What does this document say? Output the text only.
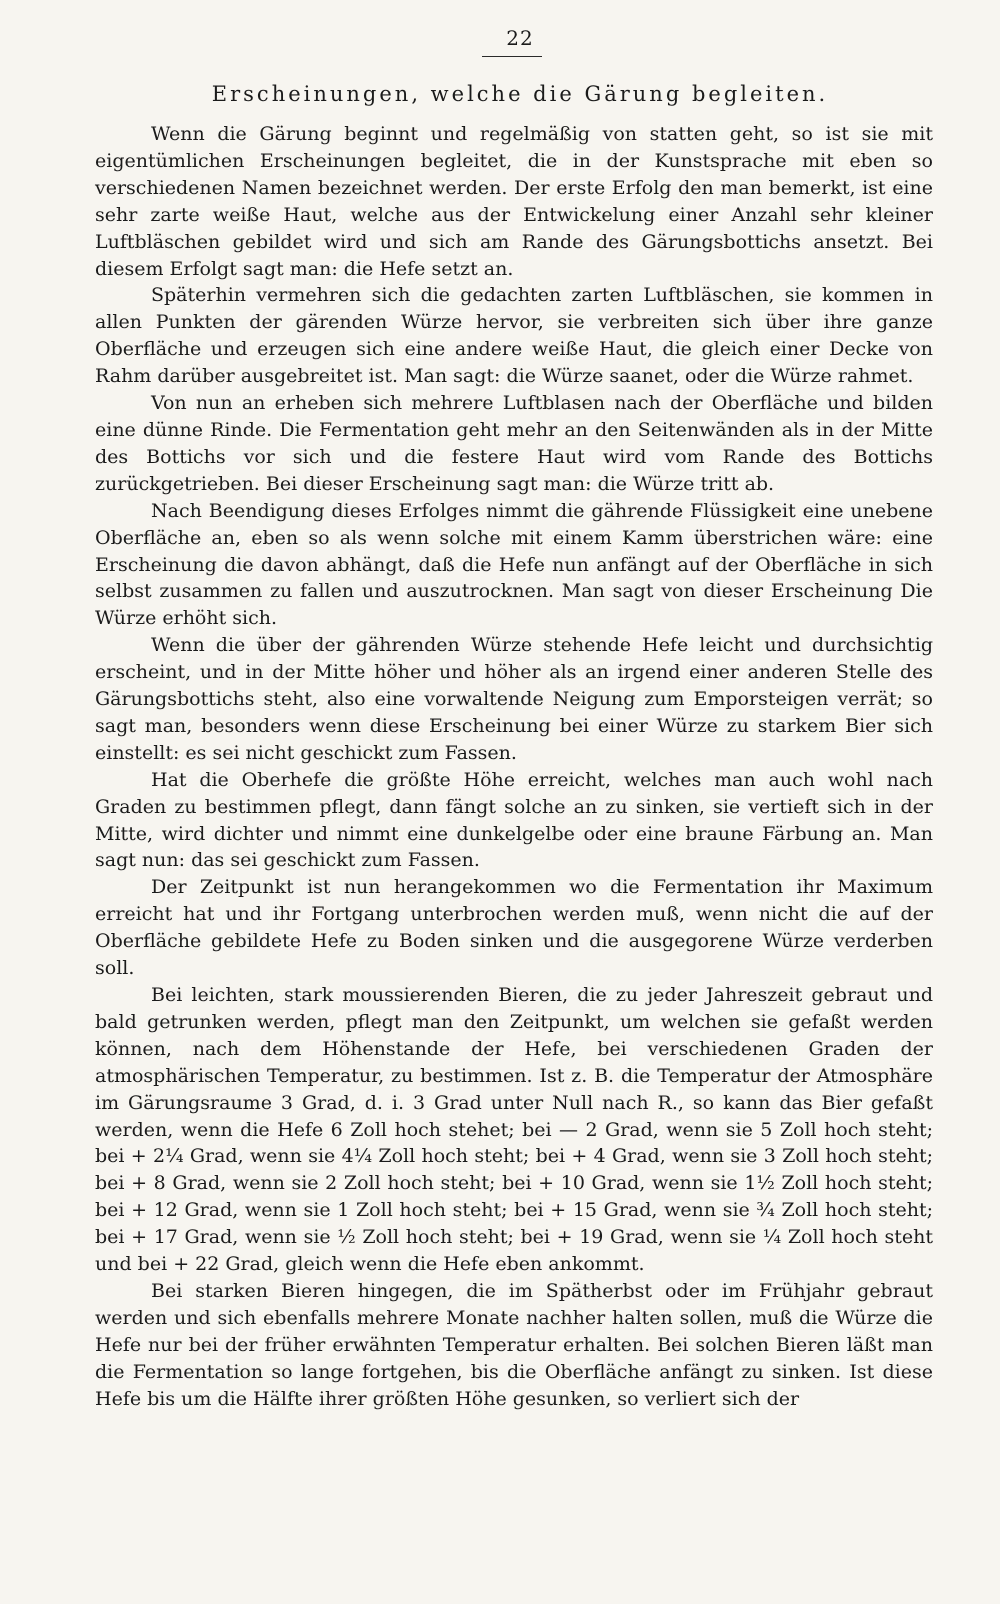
22
Erscheinungen, welche die Gärung begleiten.

Wenn die Gärung beginnt und regelmäßig von statten geht, so ist sie mit eigentümlichen Erscheinungen begleitet, die in der Kunstsprache mit eben so verschiedenen Namen bezeichnet werden. Der erste Erfolg den man bemerkt, ist eine sehr zarte weiße Haut, welche aus der Entwickelung einer Anzahl sehr kleiner Luftbläschen gebildet wird und sich am Rande des Gärungsbottichs ansetzt. Bei diesem Erfolgt sagt man: die Hefe setzt an.

Späterhin vermehren sich die gedachten zarten Luftbläschen, sie kommen in allen Punkten der gärenden Würze hervor, sie verbreiten sich über ihre ganze Oberfläche und erzeugen sich eine andere weiße Haut, die gleich einer Decke von Rahm darüber ausgebreitet ist. Man sagt: die Würze saanet, oder die Würze rahmet.

Von nun an erheben sich mehrere Luftblasen nach der Oberfläche und bilden eine dünne Rinde. Die Fermentation geht mehr an den Seitenwänden als in der Mitte des Bottichs vor sich und die festere Haut wird vom Rande des Bottichs zurückgetrieben. Bei dieser Erscheinung sagt man: die Würze tritt ab.

Nach Beendigung dieses Erfolges nimmt die gährende Flüssigkeit eine unebene Oberfläche an, eben so als wenn solche mit einem Kamm überstrichen wäre: eine Erscheinung die davon abhängt, daß die Hefe nun anfängt auf der Oberfläche in sich selbst zusammen zu fallen und auszutrocknen. Man sagt von dieser Erscheinung Die Würze erhöht sich.

Wenn die über der gährenden Würze stehende Hefe leicht und durchsichtig erscheint, und in der Mitte höher und höher als an irgend einer anderen Stelle des Gärungsbottichs steht, also eine vorwaltende Neigung zum Emporsteigen verrät; so sagt man, besonders wenn diese Erscheinung bei einer Würze zu starkem Bier sich einstellt: es sei nicht geschickt zum Fassen.

Hat die Oberhefe die größte Höhe erreicht, welches man auch wohl nach Graden zu bestimmen pflegt, dann fängt solche an zu sinken, sie vertieft sich in der Mitte, wird dichter und nimmt eine dunkelgelbe oder eine braune Färbung an. Man sagt nun: das sei geschickt zum Fassen.

Der Zeitpunkt ist nun herangekommen wo die Fermentation ihr Maximum erreicht hat und ihr Fortgang unterbrochen werden muß, wenn nicht die auf der Oberfläche gebildete Hefe zu Boden sinken und die ausgegorene Würze verderben soll.

Bei leichten, stark moussierenden Bieren, die zu jeder Jahreszeit gebraut und bald getrunken werden, pflegt man den Zeitpunkt, um welchen sie gefaßt werden können, nach dem Höhenstande der Hefe, bei verschiedenen Graden der atmosphärischen Temperatur, zu bestimmen. Ist z. B. die Temperatur der Atmosphäre im Gärungsraume 3 Grad, d. i. 3 Grad unter Null nach R., so kann das Bier gefaßt werden, wenn die Hefe 6 Zoll hoch stehet; bei — 2 Grad, wenn sie 5 Zoll hoch steht; bei + 2¼ Grad, wenn sie 4¼ Zoll hoch steht; bei + 4 Grad, wenn sie 3 Zoll hoch steht; bei + 8 Grad, wenn sie 2 Zoll hoch steht; bei + 10 Grad, wenn sie 1½ Zoll hoch steht; bei + 12 Grad, wenn sie 1 Zoll hoch steht; bei + 15 Grad, wenn sie ¾ Zoll hoch steht; bei + 17 Grad, wenn sie ½ Zoll hoch steht; bei + 19 Grad, wenn sie ¼ Zoll hoch steht und bei + 22 Grad, gleich wenn die Hefe eben ankommt.

Bei starken Bieren hingegen, die im Spätherbst oder im Frühjahr gebraut werden und sich ebenfalls mehrere Monate nachher halten sollen, muß die Würze die Hefe nur bei der früher erwähnten Temperatur erhalten. Bei solchen Bieren läßt man die Fermentation so lange fortgehen, bis die Oberfläche anfängt zu sinken. Ist diese Hefe bis um die Hälfte ihrer größten Höhe gesunken, so verliert sich der
